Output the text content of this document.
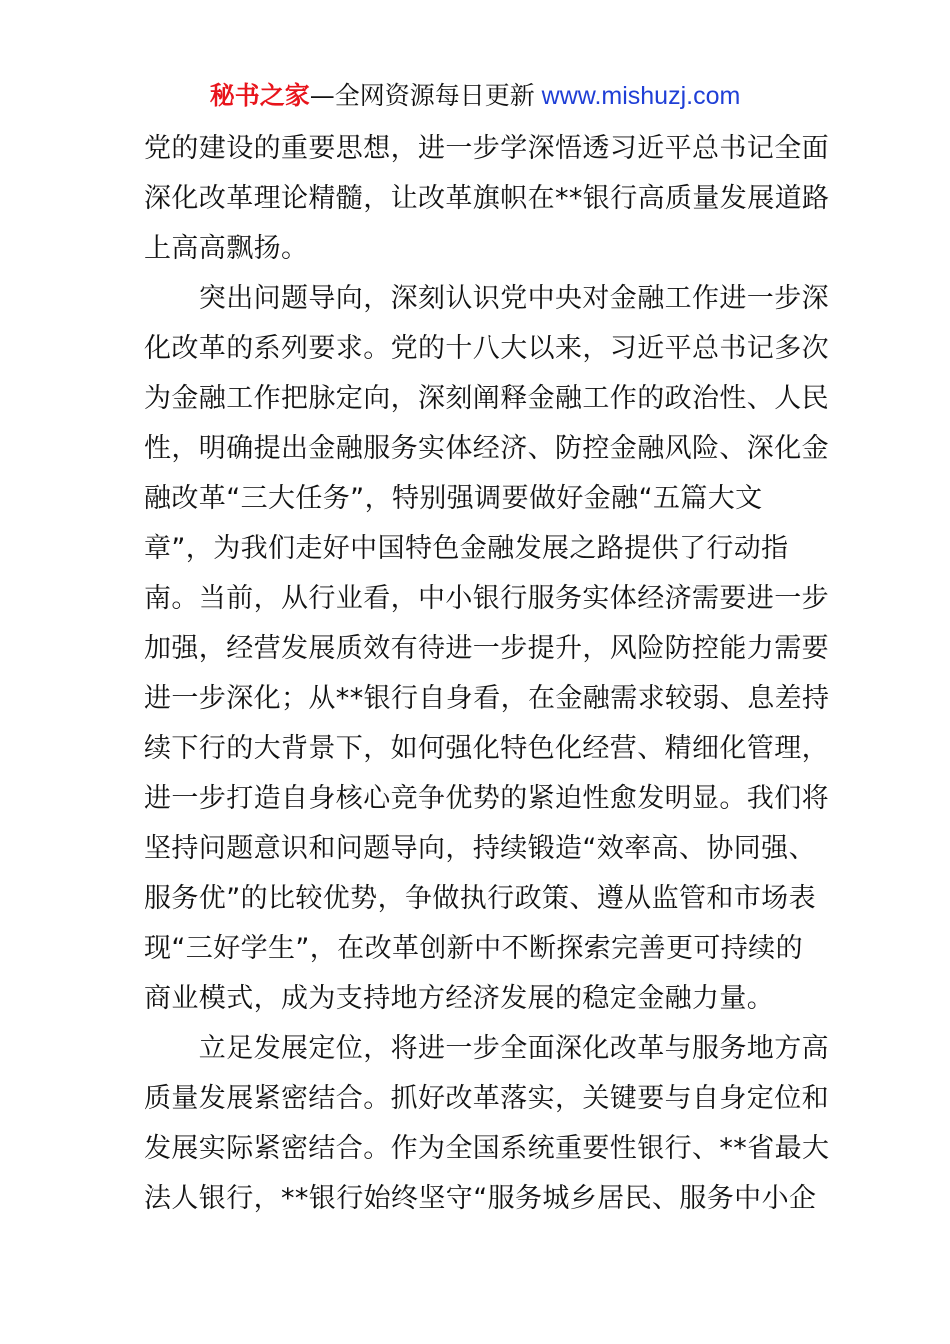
秘书之家—全网资源每日更新 www.mishuzj.com
党的建设的重要思想，进一步学深悟透习近平总书记全面
深化改革理论精髓，让改革旗帜在**银行高质量发展道路
上高高飘扬。
　　突出问题导向，深刻认识党中央对金融工作进一步深
化改革的系列要求。党的十八大以来，习近平总书记多次
为金融工作把脉定向，深刻阐释金融工作的政治性、人民
性，明确提出金融服务实体经济、防控金融风险、深化金
融改革“三大任务”，特别强调要做好金融“五篇大文
章”，为我们走好中国特色金融发展之路提供了行动指
南。当前，从行业看，中小银行服务实体经济需要进一步
加强，经营发展质效有待进一步提升，风险防控能力需要
进一步深化；从**银行自身看，在金融需求较弱、息差持
续下行的大背景下，如何强化特色化经营、精细化管理，
进一步打造自身核心竞争优势的紧迫性愈发明显。我们将
坚持问题意识和问题导向，持续锻造“效率高、协同强、
服务优”的比较优势，争做执行政策、遵从监管和市场表
现“三好学生”，在改革创新中不断探索完善更可持续的
商业模式，成为支持地方经济发展的稳定金融力量。
　　立足发展定位，将进一步全面深化改革与服务地方高
质量发展紧密结合。抓好改革落实，关键要与自身定位和
发展实际紧密结合。作为全国系统重要性银行、**省最大
法人银行，**银行始终坚守“服务城乡居民、服务中小企
